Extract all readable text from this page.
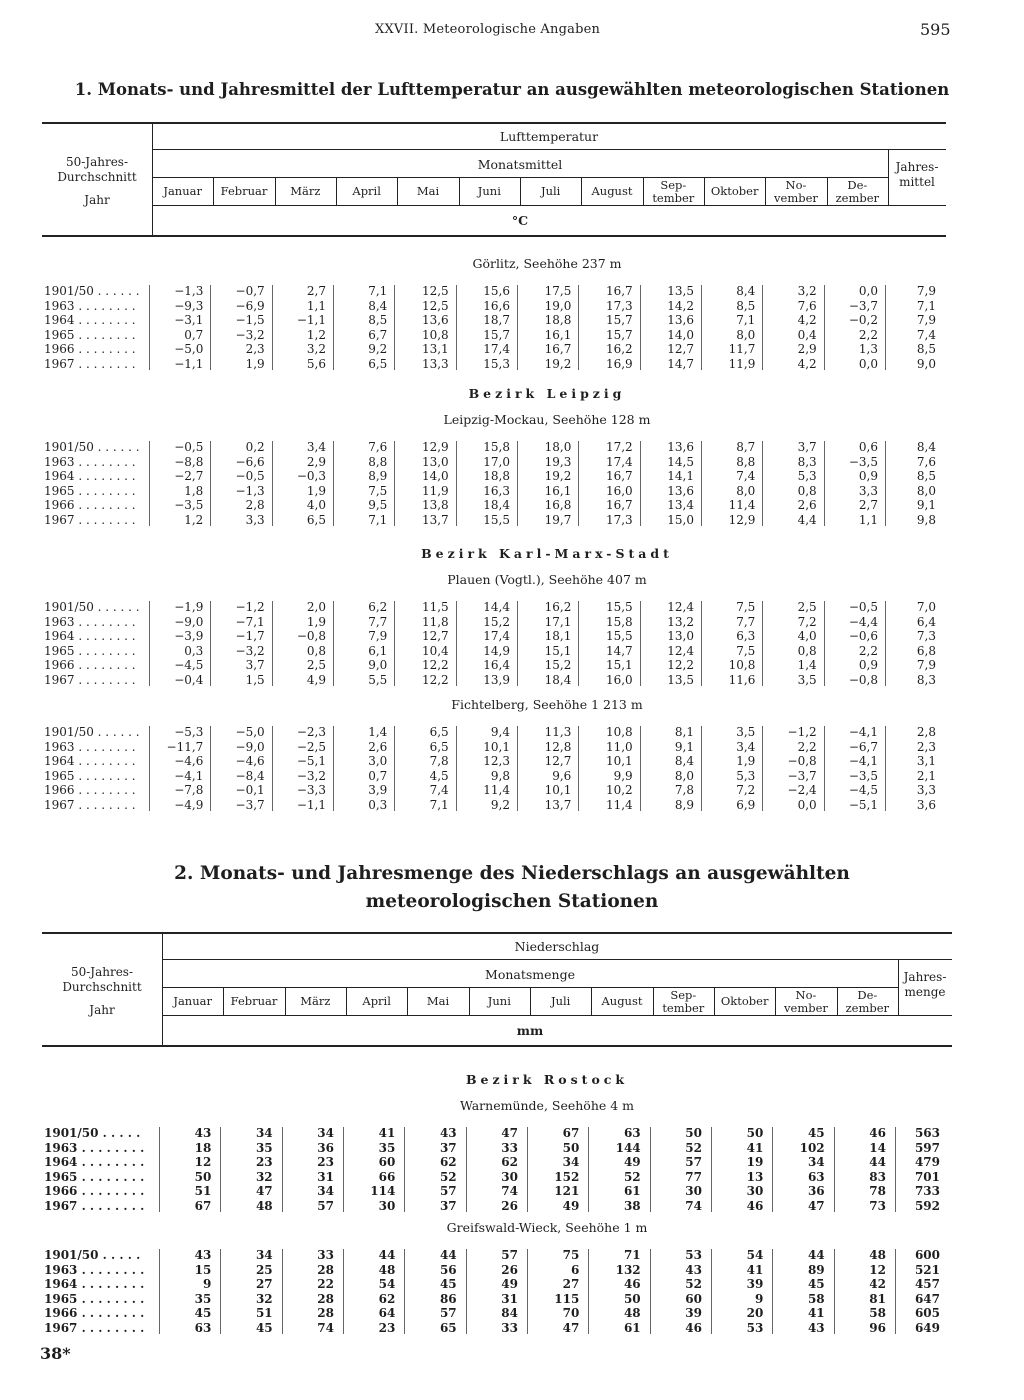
XXVII. Meteorologische Angaben	595
1. Monats- und Jahresmittel der Lufttemperatur an ausgewählten meteorologischen Stationen
2. Monats- und Jahresmenge des Niederschlags an ausgewählten
meteorologischen Stationen
38*
50-Jahres-
Durchschnitt
Jahr
Lufttemperatur
Monatsmittel
Januar	Februar	März	April	Mai	Juni	Juli	August	Sep-
tember	Oktober	No-
vember
De-
zember
Jahres-
mittel
°C
Görlitz, Seehöhe 237 m
1901/50 . . . . . .	−1,3	−0,7	2,7	7,1	12,5	15,6	17,5	16,7	13,5	8,4	3,2	0,0	7,9
1963 . . . . . . . .	−9,3	−6,9	1,1	8,4	12,5	16,6	19,0	17,3	14,2	8,5	7,6	−3,7	7,1
1964 . . . . . . . .	−3,1	−1,5	−1,1	8,5	13,6	18,7	18,8	15,7	13,6	7,1	4,2	−0,2	7,9
1965 . . . . . . . .	0,7	−3,2	1,2	6,7	10,8	15,7	16,1	15,7	14,0	8,0	0,4	2,2	7,4
1966 . . . . . . . .	−5,0	2,3	3,2	9,2	13,1	17,4	16,7	16,2	12,7	11,7	2,9	1,3	8,5
1967 . . . . . . . .	−1,1	1,9	5,6	6,5	13,3	15,3	19,2	16,9	14,7	11,9	4,2	0,0	9,0
Bezirk Leipzig
Leipzig-Mockau, Seehöhe 128 m
1901/50 . . . . . .	−0,5	0,2	3,4	7,6	12,9	15,8	18,0	17,2	13,6	8,7	3,7	0,6	8,4
1963 . . . . . . . .	−8,8	−6,6	2,9	8,8	13,0	17,0	19,3	17,4	14,5	8,8	8,3	−3,5	7,6
1964 . . . . . . . .	−2,7	−0,5	−0,3	8,9	14,0	18,8	19,2	16,7	14,1	7,4	5,3	0,9	8,5
1965 . . . . . . . .	1,8	−1,3	1,9	7,5	11,9	16,3	16,1	16,0	13,6	8,0	0,8	3,3	8,0
1966 . . . . . . . .	−3,5	2,8	4,0	9,5	13,8	18,4	16,8	16,7	13,4	11,4	2,6	2,7	9,1
1967 . . . . . . . .	1,2	3,3	6,5	7,1	13,7	15,5	19,7	17,3	15,0	12,9	4,4	1,1	9,8
Bezirk Karl-Marx-Stadt
Plauen (Vogtl.), Seehöhe 407 m
1901/50 . . . . . .	−1,9	−1,2	2,0	6,2	11,5	14,4	16,2	15,5	12,4	7,5	2,5	−0,5	7,0
1963 . . . . . . . .	−9,0	−7,1	1,9	7,7	11,8	15,2	17,1	15,8	13,2	7,7	7,2	−4,4	6,4
1964 . . . . . . . .	−3,9	−1,7	−0,8	7,9	12,7	17,4	18,1	15,5	13,0	6,3	4,0	−0,6	7,3
1965 . . . . . . . .	0,3	−3,2	0,8	6,1	10,4	14,9	15,1	14,7	12,4	7,5	0,8	2,2	6,8
1966 . . . . . . . .	−4,5	3,7	2,5	9,0	12,2	16,4	15,2	15,1	12,2	10,8	1,4	0,9	7,9
1967 . . . . . . . .	−0,4	1,5	4,9	5,5	12,2	13,9	18,4	16,0	13,5	11,6	3,5	−0,8	8,3
Fichtelberg, Seehöhe 1 213 m
1901/50 . . . . . .	−5,3	−5,0	−2,3	1,4	6,5	9,4	11,3	10,8	8,1	3,5	−1,2	−4,1	2,8
1963 . . . . . . . .	−11,7	−9,0	−2,5	2,6	6,5	10,1	12,8	11,0	9,1	3,4	2,2	−6,7	2,3
1964 . . . . . . . .	−4,6	−4,6	−5,1	3,0	7,8	12,3	12,7	10,1	8,4	1,9	−0,8	−4,1	3,1
1965 . . . . . . . .	−4,1	−8,4	−3,2	0,7	4,5	9,8	9,6	9,9	8,0	5,3	−3,7	−3,5	2,1
1966 . . . . . . . .	−7,8	−0,1	−3,3	3,9	7,4	11,4	10,1	10,2	7,8	7,2	−2,4	−4,5	3,3
1967 . . . . . . . .	−4,9	−3,7	−1,1	0,3	7,1	9,2	13,7	11,4	8,9	6,9	0,0	−5,1	3,6
50-Jahres-
Durchschnitt
Jahr
Niederschlag
Monatsmenge
Januar	Februar	März	April	Mai	Juni	Juli	August	Sep-
tember	Oktober	No-
vember
De-
zember
Jahres-
menge
mm
Bezirk Rostock
Warnemünde, Seehöhe 4 m
1901/50 . . . . .	43	34	34	41	43	47	67	63	50	50	45	46	563
1963 . . . . . . . .	18	35	36	35	37	33	50	144	52	41	102	14	597
1964 . . . . . . . .	12	23	23	60	62	62	34	49	57	19	34	44	479
1965 . . . . . . . .	50	32	31	66	52	30	152	52	77	13	63	83	701
1966 . . . . . . . .	51	47	34	114	57	74	121	61	30	30	36	78	733
1967 . . . . . . . .	67	48	57	30	37	26	49	38	74	46	47	73	592
Greifswald-Wieck, Seehöhe 1 m
1901/50 . . . . .	43	34	33	44	44	57	75	71	53	54	44	48	600
1963 . . . . . . . .	15	25	28	48	56	26	6	132	43	41	89	12	521
1964 . . . . . . . .	9	27	22	54	45	49	27	46	52	39	45	42	457
1965 . . . . . . . .	35	32	28	62	86	31	115	50	60	9	58	81	647
1966 . . . . . . . .	45	51	28	64	57	84	70	48	39	20	41	58	605
1967 . . . . . . . .	63	45	74	23	65	33	47	61	46	53	43	96	649
